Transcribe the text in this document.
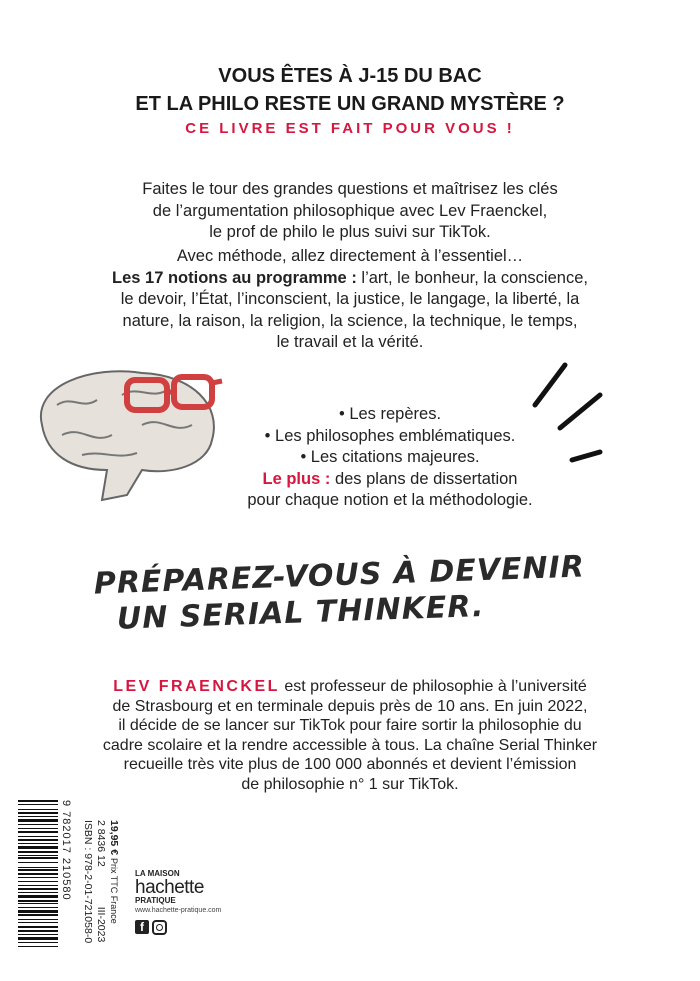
VOUS ÊTES À J-15 DU BAC
ET LA PHILO RESTE UN GRAND MYSTÈRE ?
CE LIVRE EST FAIT POUR VOUS !
Faites le tour des grandes questions et maîtrisez les clés
de l’argumentation philosophique avec Lev Fraenckel,
le prof de philo le plus suivi sur TikTok.
Avec méthode, allez directement à l’essentiel…
Les 17 notions au programme : l’art, le bonheur, la conscience,
le devoir, l’État, l’inconscient, la justice, le langage, la liberté, la
nature, la raison, la religion, la science, la technique, le temps,
le travail et la vérité.
• Les repères.
• Les philosophes emblématiques.
• Les citations majeures.
Le plus : des plans de dissertation
pour chaque notion et la méthodologie.
PRÉPAREZ-VOUS À DEVENIR
UN SERIAL THINKER.
LEV FRAENCKEL est professeur de philosophie à l’université
de Strasbourg et en terminale depuis près de 10 ans. En juin 2022,
il décide de se lancer sur TikTok pour faire sortir la philosophie du
cadre scolaire et la rendre accessible à tous. La chaîne Serial Thinker
recueille très vite plus de 100 000 abonnés et devient l’émission
de philosophie n° 1 sur TikTok.
9 782017 210580	19,95 € Prix TTC France
2 8436 12III-2023
ISBN : 978-2-01-721058-0	LA MAISON
hachette
PRATIQUE
www.hachette-pratique.com
f
